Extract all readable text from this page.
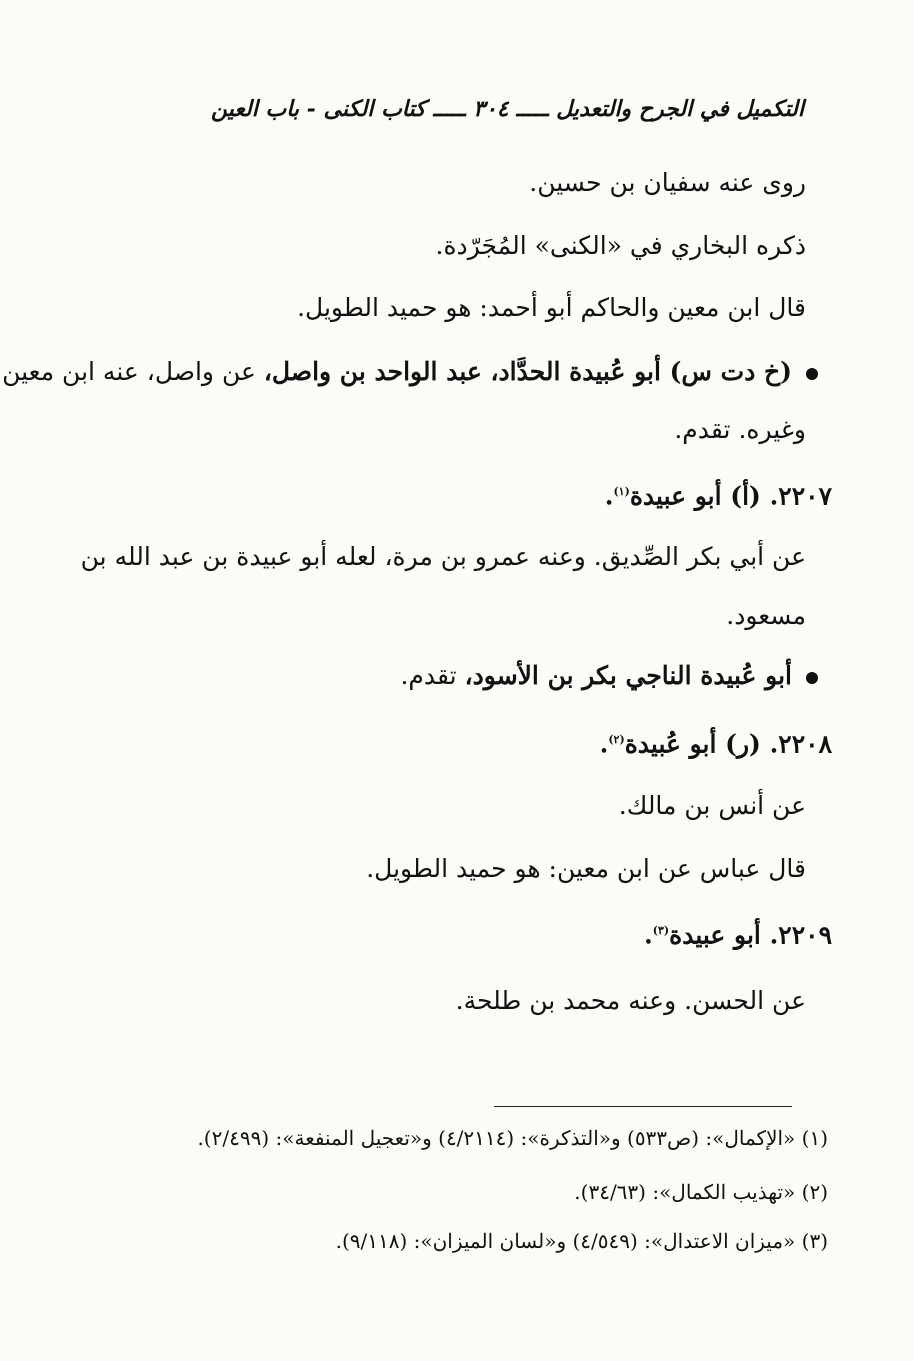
التكميل في الجرح والتعديل ـــــ ٣٠٤ ـــــ كتاب الكنى - باب العين
روى عنه سفيان بن حسين.
ذكره البخاري في «الكنى» المُجَرّدة.
قال ابن معين والحاكم أبو أحمد: هو حميد الطويل.
(خ دت س) أبو عُبيدة الحدَّاد، عبد الواحد بن واصل، عن واصل، عنه ابن معين
وغيره. تقدم.
٢٢٠٧. (أ) أبو عبيدة$^{(١)}$.
عن أبي بكر الصِّديق. وعنه عمرو بن مرة، لعله أبو عبيدة بن عبد الله بن
مسعود.
أبو عُبيدة الناجي بكر بن الأسود، تقدم.
٢٢٠٨. (ر) أبو عُبيدة$^{(٢)}$.
عن أنس بن مالك.
قال عباس عن ابن معين: هو حميد الطويل.
٢٢٠٩. أبو عبيدة$^{(٣)}$.
عن الحسن. وعنه محمد بن طلحة.
(١) «الإكمال»: (ص٥٣٣) و«التذكرة»: (٤/٢١١٤) و«تعجيل المنفعة»: (٢/٤٩٩).
(٢) «تهذيب الكمال»: (٣٤/٦٣).
(٣) «ميزان الاعتدال»: (٤/٥٤٩) و«لسان الميزان»: (٩/١١٨).
